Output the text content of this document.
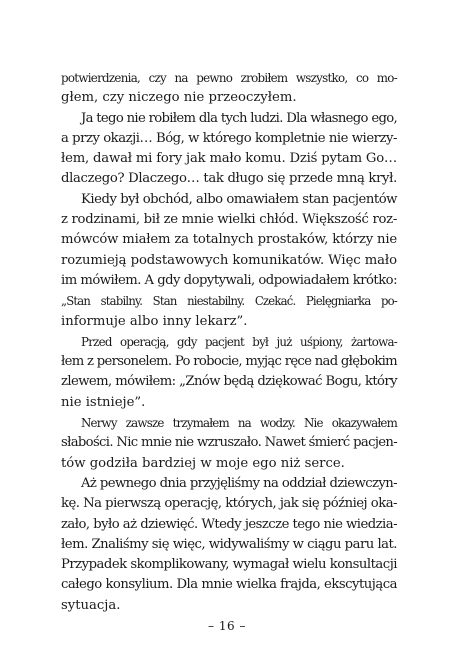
potwierdzenia, czy na pewno zrobiłem wszystko, co mo-
głem, czy niczego nie przeoczyłem.

Ja tego nie robiłem dla tych ludzi. Dla własnego ego,
a przy okazji… Bóg, w którego kompletnie nie wierzy-
łem, dawał mi fory jak mało komu. Dziś pytam Go…
dlaczego? Dlaczego… tak długo się przede mną krył.

Kiedy był obchód, albo omawiałem stan pacjentów
z rodzinami, bił ze mnie wielki chłód. Większość roz-
mówców miałem za totalnych prostaków, którzy nie
rozumieją podstawowych komunikatów. Więc mało
im mówiłem. A gdy dopytywali, odpowiadałem krótko:
„Stan stabilny. Stan niestabilny. Czekać. Pielęgniarka po-
informuje albo inny lekarz”.

Przed operacją, gdy pacjent był już uśpiony, żartowa-
łem z personelem. Po robocie, myjąc ręce nad głębokim
zlewem, mówiłem: „Znów będą dziękować Bogu, który
nie istnieje”.

Nerwy zawsze trzymałem na wodzy. Nie okazywałem
słabości. Nic mnie nie wzruszało. Nawet śmierć pacjen-
tów godziła bardziej w moje ego niż serce.

Aż pewnego dnia przyjęliśmy na oddział dziewczyn-
kę. Na pierwszą operację, których, jak się później oka-
zało, było aż dziewięć. Wtedy jeszcze tego nie wiedzia-
łem. Znaliśmy się więc, widywaliśmy w ciągu paru lat.
Przypadek skomplikowany, wymagał wielu konsultacji
całego konsylium. Dla mnie wielka frajda, ekscytująca
sytuacja.

– 16 –
